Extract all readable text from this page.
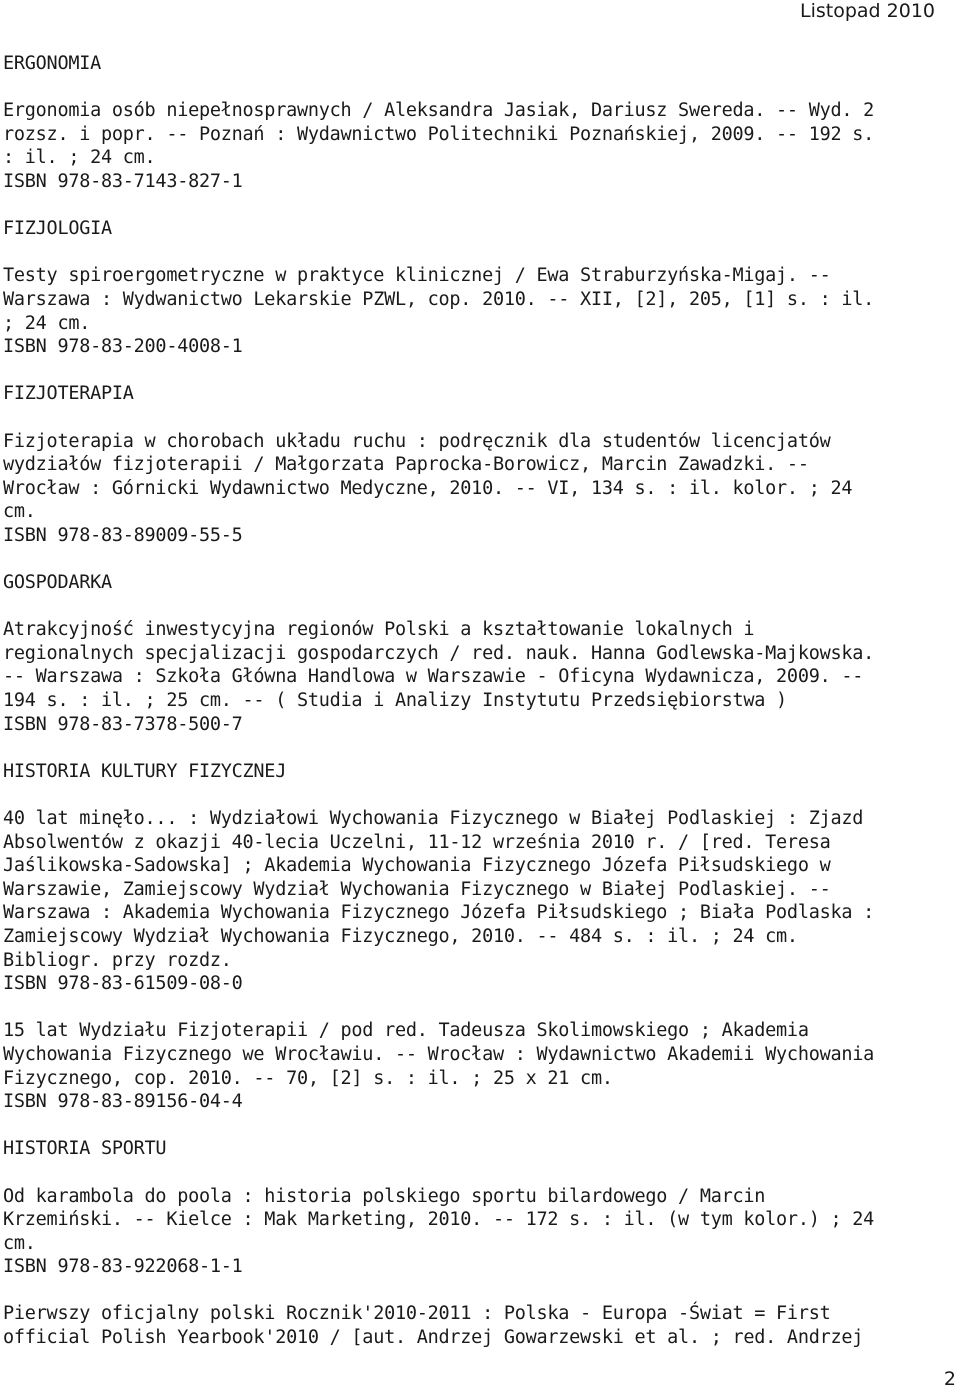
Listopad 2010
ERGONOMIA
Ergonomia osób niepełnosprawnych / Aleksandra Jasiak, Dariusz Swereda. -- Wyd. 2
rozsz. i popr. -- Poznań : Wydawnictwo Politechniki Poznańskiej, 2009. -- 192 s.
: il. ; 24 cm.
ISBN 978-83-7143-827-1
FIZJOLOGIA
Testy spiroergometryczne w praktyce klinicznej / Ewa Straburzyńska-Migaj. --
Warszawa : Wydwanictwo Lekarskie PZWL, cop. 2010. -- XII, [2], 205, [1] s. : il.
; 24 cm.
ISBN 978-83-200-4008-1
FIZJOTERAPIA
Fizjoterapia w chorobach układu ruchu : podręcznik dla studentów licencjatów
wydziałów fizjoterapii / Małgorzata Paprocka-Borowicz, Marcin Zawadzki. --
Wrocław : Górnicki Wydawnictwo Medyczne, 2010. -- VI, 134 s. : il. kolor. ; 24
cm.
ISBN 978-83-89009-55-5
GOSPODARKA
Atrakcyjność inwestycyjna regionów Polski a kształtowanie lokalnych i
regionalnych specjalizacji gospodarczych / red. nauk. Hanna Godlewska-Majkowska.
-- Warszawa : Szkoła Główna Handlowa w Warszawie - Oficyna Wydawnicza, 2009. --
194 s. : il. ; 25 cm. -- ( Studia i Analizy Instytutu Przedsiębiorstwa )
ISBN 978-83-7378-500-7
HISTORIA KULTURY FIZYCZNEJ
40 lat minęło... : Wydziałowi Wychowania Fizycznego w Białej Podlaskiej : Zjazd
Absolwentów z okazji 40-lecia Uczelni, 11-12 września 2010 r. / [red. Teresa
Jaślikowska-Sadowska] ; Akademia Wychowania Fizycznego Józefa Piłsudskiego w
Warszawie, Zamiejscowy Wydział Wychowania Fizycznego w Białej Podlaskiej. --
Warszawa : Akademia Wychowania Fizycznego Józefa Piłsudskiego ; Biała Podlaska :
Zamiejscowy Wydział Wychowania Fizycznego, 2010. -- 484 s. : il. ; 24 cm.
Bibliogr. przy rozdz.
ISBN 978-83-61509-08-0
15 lat Wydziału Fizjoterapii / pod red. Tadeusza Skolimowskiego ; Akademia
Wychowania Fizycznego we Wrocławiu. -- Wrocław : Wydawnictwo Akademii Wychowania
Fizycznego, cop. 2010. -- 70, [2] s. : il. ; 25 x 21 cm.
ISBN 978-83-89156-04-4
HISTORIA SPORTU
Od karambola do poola : historia polskiego sportu bilardowego / Marcin
Krzemiński. -- Kielce : Mak Marketing, 2010. -- 172 s. : il. (w tym kolor.) ; 24
cm.
ISBN 978-83-922068-1-1
Pierwszy oficjalny polski Rocznik'2010-2011 : Polska - Europa -Świat = First
official Polish Yearbook'2010 / [aut. Andrzej Gowarzewski et al. ; red. Andrzej
2
